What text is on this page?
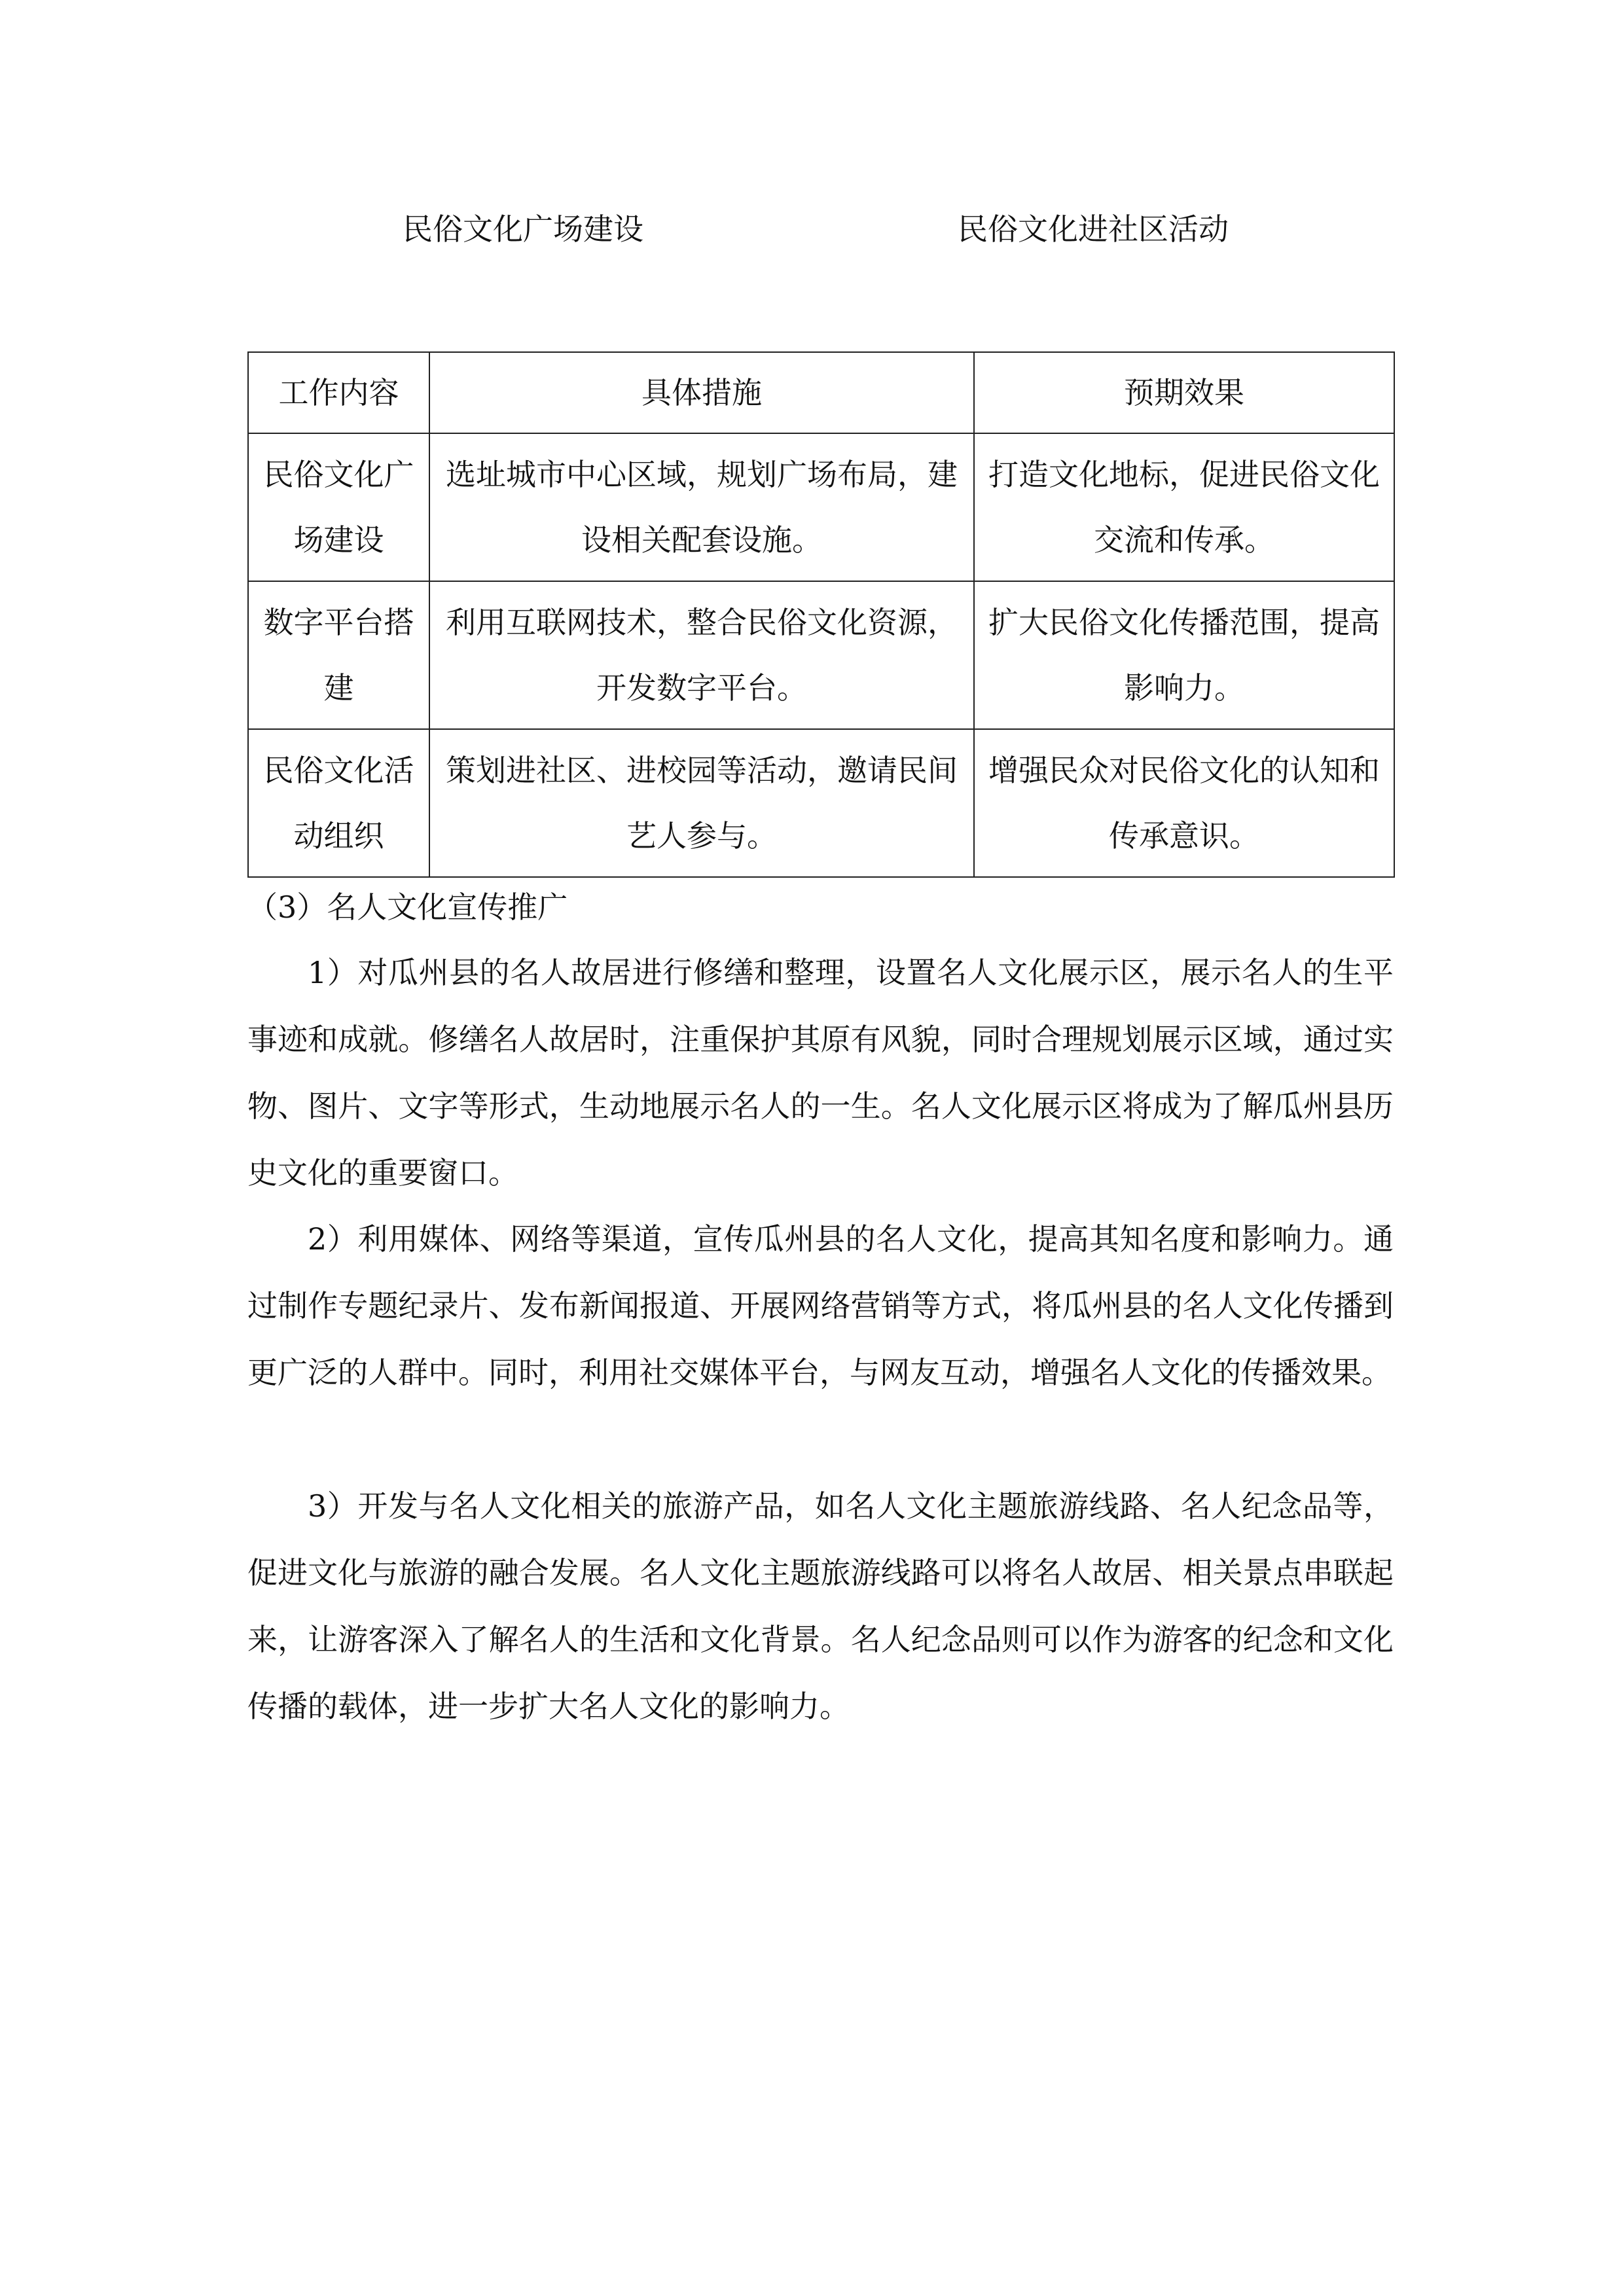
民俗文化广场建设	民俗文化进社区活动
工作内容	具体措施	预期效果
民俗文化广场建设	选址城市中心区域，规划广场布局，建设相关配套设施。	打造文化地标，促进民俗文化交流和传承。
数字平台搭建	利用互联网技术，整合民俗文化资源，开发数字平台。	扩大民俗文化传播范围，提高影响力。
民俗文化活动组织	策划进社区、进校园等活动，邀请民间艺人参与。	增强民众对民俗文化的认知和传承意识。
（3）名人文化宣传推广

1）对瓜州县的名人故居进行修缮和整理，设置名人文化展示区，展示名人的生平事迹和成就。修缮名人故居时，注重保护其原有风貌，同时合理规划展示区域，通过实物、图片、文字等形式，生动地展示名人的一生。名人文化展示区将成为了解瓜州县历史文化的重要窗口。

2）利用媒体、网络等渠道，宣传瓜州县的名人文化，提高其知名度和影响力。通过制作专题纪录片、发布新闻报道、开展网络营销等方式，将瓜州县的名人文化传播到更广泛的人群中。同时，利用社交媒体平台，与网友互动，增强名人文化的传播效果。

3）开发与名人文化相关的旅游产品，如名人文化主题旅游线路、名人纪念品等，促进文化与旅游的融合发展。名人文化主题旅游线路可以将名人故居、相关景点串联起来，让游客深入了解名人的生活和文化背景。名人纪念品则可以作为游客的纪念和文化传播的载体，进一步扩大名人文化的影响力。
